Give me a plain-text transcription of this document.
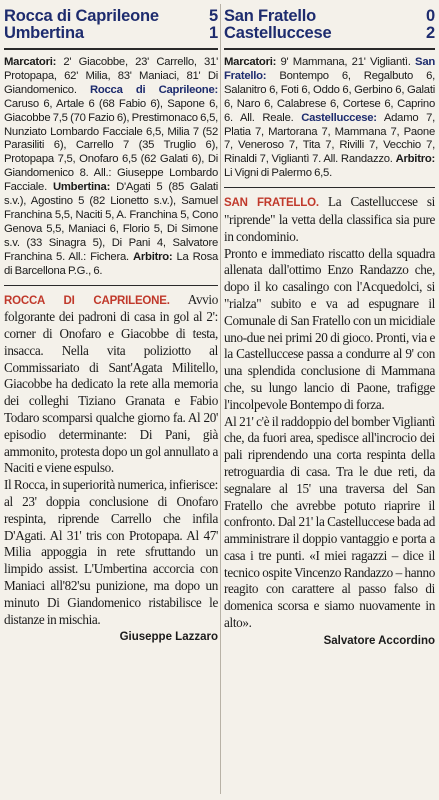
Rocca di Caprileone	5
Umbertina	1
Marcatori: 2' Giacobbe, 23' Carrello, 31' Protopapa, 62' Milia, 83' Maniaci, 81' Di Giandomenico. Rocca di Caprileone: Caruso 6, Artale 6 (68 Fabio 6), Sapone 6, Giacobbe 7,5 (70 Fazio 6), Prestimonaco 6,5, Nunziato Lombardo Facciale 6,5, Milia 7 (52 Parasiliti 6), Carrello 7 (35 Truglio 6), Protopapa 7,5, Onofaro 6,5 (62 Galati 6), Di Giandomenico 8. All.: Giuseppe Lombardo Facciale. Umbertina: D'Agati 5 (85 Galati s.v.), Agostino 5 (82 Lionetto s.v.), Samuel Franchina 5,5, Naciti 5, A. Franchina 5, Cono Genova 5,5, Maniaci 6, Florio 5, Di Simone s.v. (33 Sinagra 5), Di Pani 4, Salvatore Franchina 5. All.: Fichera. Arbitro: La Rosa di Barcellona P.G., 6.

ROCCA DI CAPRILEONE. Avvio folgorante dei padroni di casa in gol al 2': corner di Onofaro e Giacobbe di testa, insacca. Nella vita poliziotto al Commissariato di Sant'Agata Militello, Giacobbe ha dedicato la rete alla memoria dei colleghi Tiziano Granata e Fabio Todaro scomparsi qualche giorno fa. Al 20' episodio determinante: Di Pani, già ammonito, protesta dopo un gol annullato a Naciti e viene espulso.

Il Rocca, in superiorità numerica, infierisce: al 23' doppia conclusione di Onofaro respinta, riprende Carrello che infila D'Agati. Al 31' tris con Protopapa. Al 47' Milia appoggia in rete sfruttando un limpido assist. L'Umbertina accorcia con Maniaci all'82'su punizione, ma dopo un minuto Di Giandomenico ristabilisce le distanze in mischia.

Giuseppe Lazzaro
San Fratello	0
Castelluccese	2
Marcatori: 9' Mammana, 21' Vigliantì. San Fratello: Bontempo 6, Regalbuto 6, Salanitro 6, Foti 6, Oddo 6, Gerbino 6, Galati 6, Naro 6, Calabrese 6, Cortese 6, Caprino 6. All. Reale. Castelluccese: Adamo 7, Platia 7, Martorana 7, Mammana 7, Paone 7, Veneroso 7, Tita 7, Rivilli 7, Vecchio 7, Rinaldi 7, Vigliantì 7. All. Randazzo. Arbitro: Li Vigni di Palermo 6,5.

SAN FRATELLO. La Castelluccese si "riprende" la vetta della classifica sia pure in condominio.

Pronto e immediato riscatto della squadra allenata dall'ottimo Enzo Randazzo che, dopo il ko casalingo con l'Acquedolci, si "rialza" subito e va ad espugnare il Comunale di San Fratello con un micidiale uno-due nei primi 20 di gioco. Pronti, via e la Castelluccese passa a condurre al 9' con una splendida conclusione di Mammana che, su lungo lancio di Paone, trafigge l'incolpevole Bontempo di forza.

Al 21' c'è il raddoppio del bomber Vigliantì che, da fuori area, spedisce all'incrocio dei pali riprendendo una corta respinta della retroguardia di casa. Tra le due reti, da segnalare al 15' una traversa del San Fratello che avrebbe potuto riaprire il confronto. Dal 21' la Castelluccese bada ad amministrare il doppio vantaggio e porta a casa i tre punti. «I miei ragazzi – dice il tecnico ospite Vincenzo Randazzo – hanno reagito con carattere al passo falso di domenica scorsa e siamo nuovamente in alto».

Salvatore Accordino
